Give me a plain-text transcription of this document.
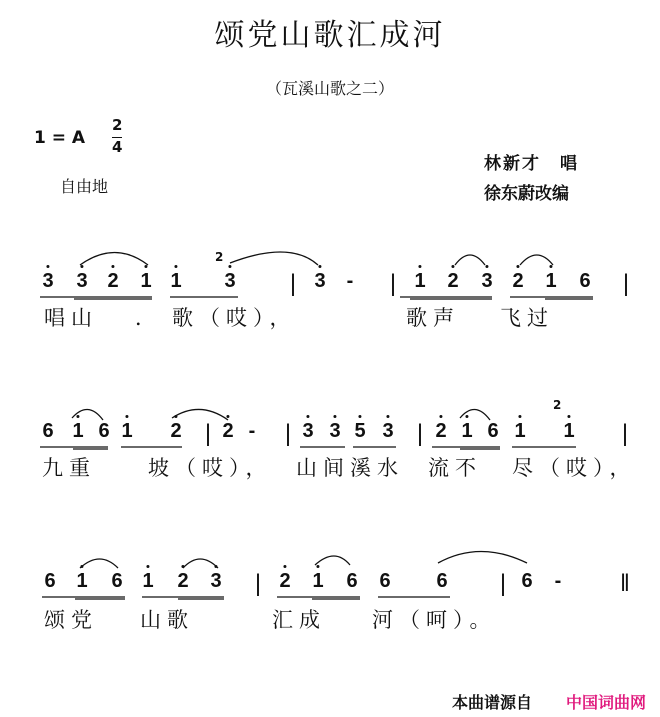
颂党山歌汇成河
（瓦溪山歌之二）
1 = A
2
4
自由地
林新才　唱
徐东蔚改编
3 3 2 1 1 3 | 3 - | 1 2 3 2 1 6 |
唱山 ． 歌（哎），	歌声 飞过
6 1 6 1 2 | 2 - | 3 3 5 3 | 2 1 6 1 1 |
九重 坡（哎）， 山间溪水 流不 尽（哎），
6 1 6 1 2 3 | 2 1 6 6 6 | 6 - ‖
颂党 山歌	汇成 河（呵）。
2
2
本曲谱源自 中国词曲网
